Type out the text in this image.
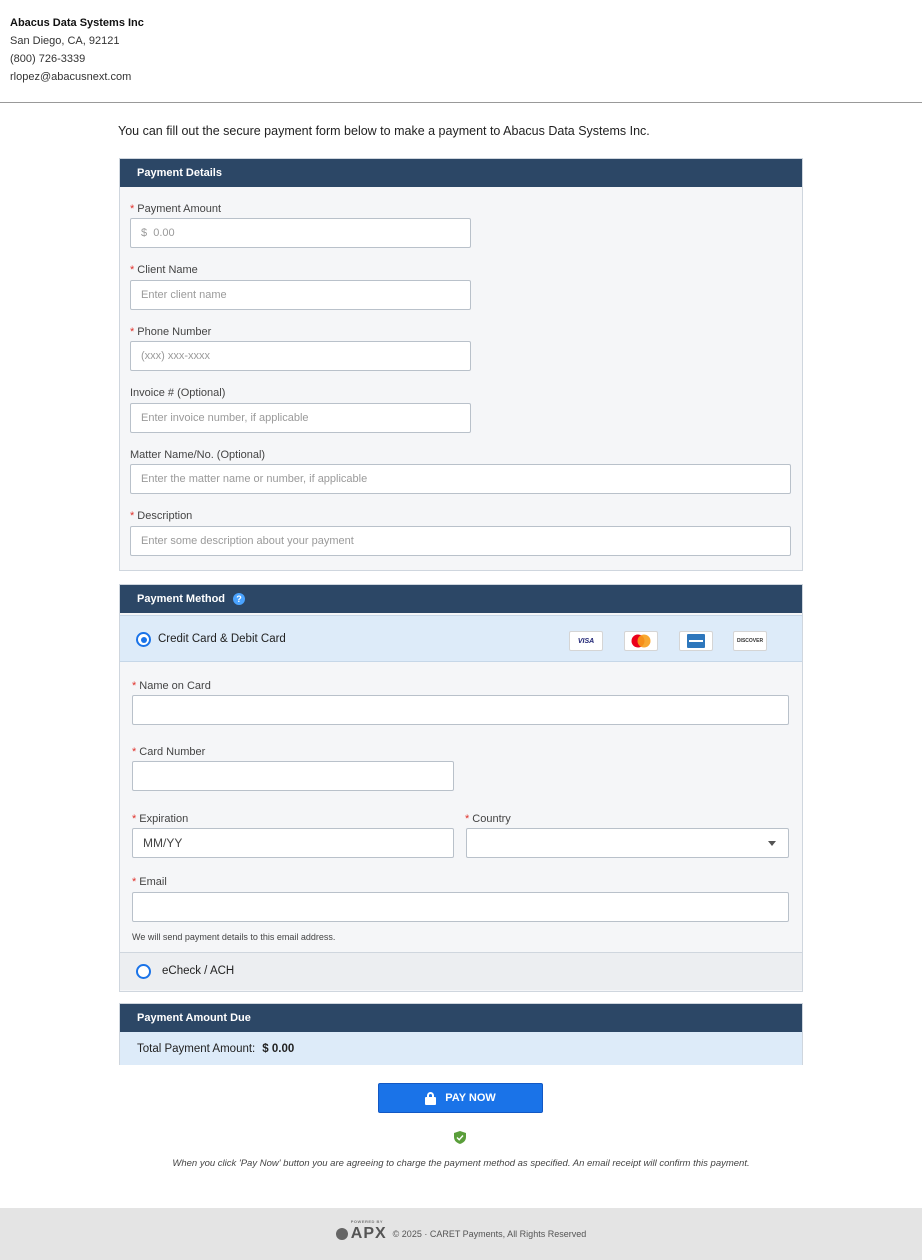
Abacus Data Systems Inc
San Diego, CA, 92121
(800) 726-3339
rlopez@abacusnext.com
You can fill out the secure payment form below to make a payment to Abacus Data Systems Inc.
Payment Details
* Payment Amount
$ 0.00
* Client Name
Enter client name
* Phone Number
(xxx) xxx-xxxx
Invoice # (Optional)
Enter invoice number, if applicable
Matter Name/No. (Optional)
Enter the matter name or number, if applicable
* Description
Enter some description about your payment
Payment Method	?
Credit Card & Debit Card	VISA	DISCOVER
* Name on Card
* Card Number
* Expiration
MM/YY
* Country
* Email
We will send payment details to this email address.
eCheck / ACH
Payment Amount Due
Total Payment Amount: $ 0.00
PAY NOW
When you click 'Pay Now' button you are agreeing to charge the payment method as specified. An email receipt will confirm this payment.
POWERED BY
APX © 2025 · CARET Payments, All Rights Reserved
